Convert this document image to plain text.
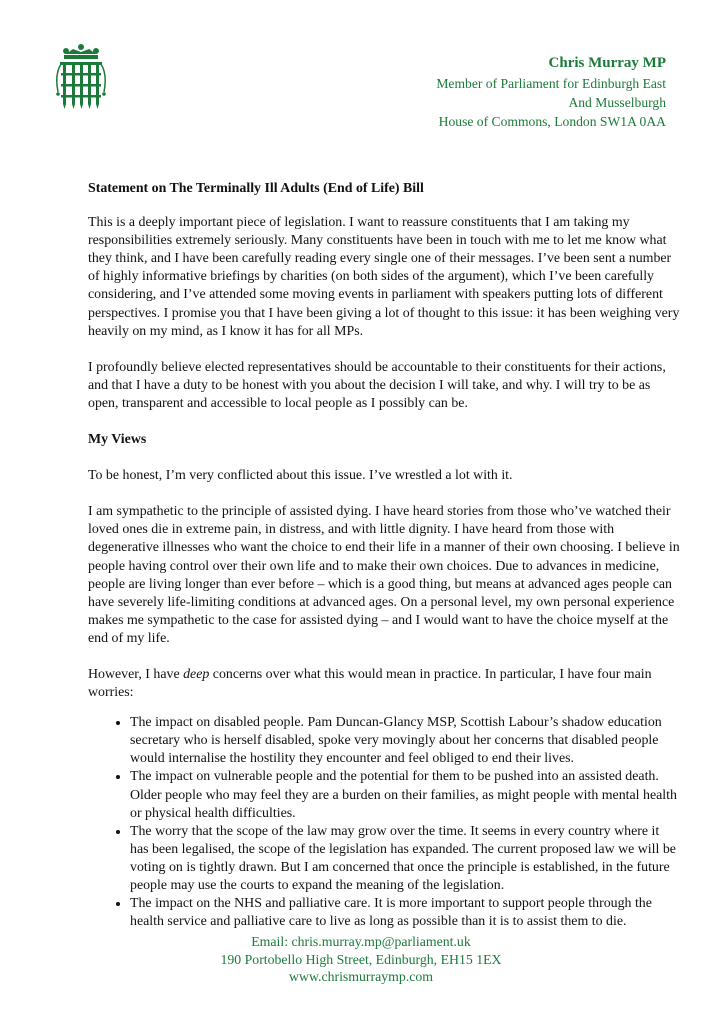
Chris Murray MP
Member of Parliament for Edinburgh East
And Musselburgh
House of Commons, London SW1A 0AA

Statement on The Terminally Ill Adults (End of Life) Bill

This is a deeply important piece of legislation. I want to reassure constituents that I am taking my responsibilities extremely seriously. Many constituents have been in touch with me to let me know what they think, and I have been carefully reading every single one of their messages. I’ve been sent a number of highly informative briefings by charities (on both sides of the argument), which I’ve been carefully considering, and I’ve attended some moving events in parliament with speakers putting lots of different perspectives. I promise you that I have been giving a lot of thought to this issue: it has been weighing very heavily on my mind, as I know it has for all MPs.

I profoundly believe elected representatives should be accountable to their constituents for their actions, and that I have a duty to be honest with you about the decision I will take, and why. I will try to be as open, transparent and accessible to local people as I possibly can be.

My Views

To be honest, I’m very conflicted about this issue. I’ve wrestled a lot with it.

I am sympathetic to the principle of assisted dying. I have heard stories from those who’ve watched their loved ones die in extreme pain, in distress, and with little dignity. I have heard from those with degenerative illnesses who want the choice to end their life in a manner of their own choosing. I believe in people having control over their own life and to make their own choices. Due to advances in medicine, people are living longer than ever before – which is a good thing, but means at advanced ages people can have severely life-limiting conditions at advanced ages. On a personal level, my own personal experience makes me sympathetic to the case for assisted dying – and I would want to have the choice myself at the end of my life.

However, I have deep concerns over what this would mean in practice. In particular, I have four main worries:

• The impact on disabled people. Pam Duncan-Glancy MSP, Scottish Labour’s shadow education secretary who is herself disabled, spoke very movingly about her concerns that disabled people would internalise the hostility they encounter and feel obliged to end their lives.
• The impact on vulnerable people and the potential for them to be pushed into an assisted death. Older people who may feel they are a burden on their families, as might people with mental health or physical health difficulties.
• The worry that the scope of the law may grow over the time. It seems in every country where it has been legalised, the scope of the legislation has expanded. The current proposed law we will be voting on is tightly drawn. But I am concerned that once the principle is established, in the future people may use the courts to expand the meaning of the legislation.
• The impact on the NHS and palliative care. It is more important to support people through the health service and palliative care to live as long as possible than it is to assist them to die.
Email: chris.murray.mp@parliament.uk
190 Portobello High Street, Edinburgh, EH15 1EX
www.chrismurraymp.com
